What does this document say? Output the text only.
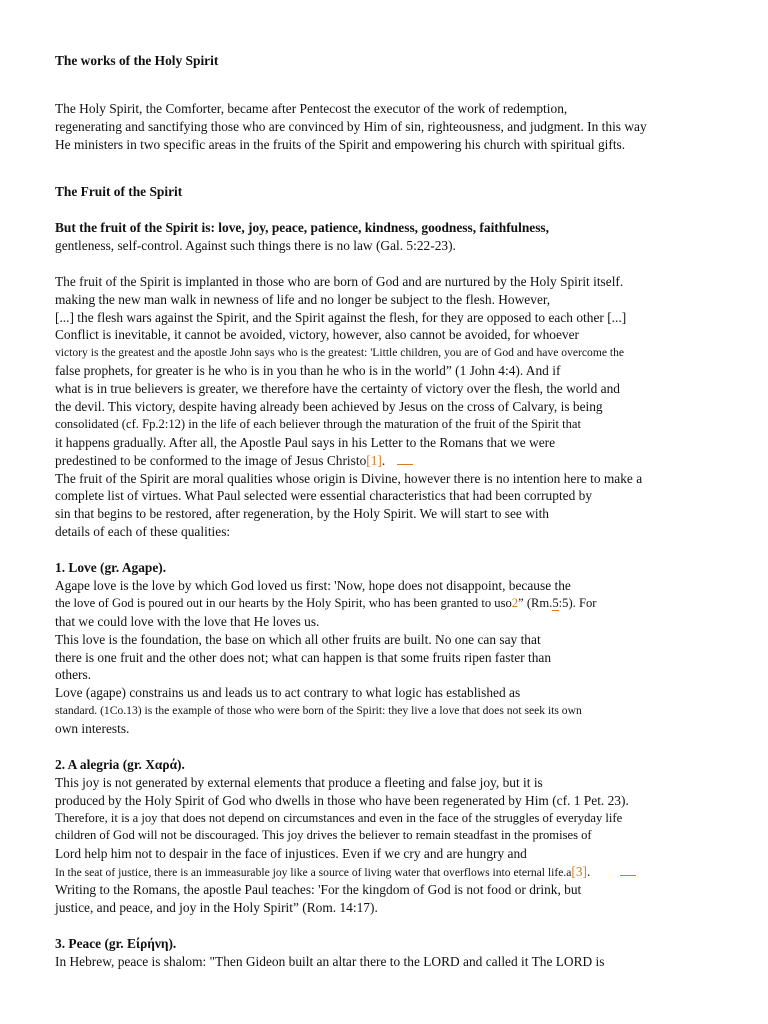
The works of the Holy Spirit
The Holy Spirit, the Comforter, became after Pentecost the executor of the work of redemption,
regenerating and sanctifying those who are convinced by Him of sin, righteousness, and judgment. In this way
He ministers in two specific areas in the fruits of the Spirit and empowering his church with spiritual gifts.
The Fruit of the Spirit
But the fruit of the Spirit is: love, joy, peace, patience, kindness, goodness, faithfulness,
gentleness, self-control. Against such things there is no law (Gal. 5:22-23).
The fruit of the Spirit is implanted in those who are born of God and are nurtured by the Holy Spirit itself.
making the new man walk in newness of life and no longer be subject to the flesh. However,
[...] the flesh wars against the Spirit, and the Spirit against the flesh, for they are opposed to each other [...]
Conflict is inevitable, it cannot be avoided, victory, however, also cannot be avoided, for whoever
victory is the greatest and the apostle John says who is the greatest: 'Little children, you are of God and have overcome the
false prophets, for greater is he who is in you than he who is in the world” (1 John 4:4). And if
what is in true believers is greater, we therefore have the certainty of victory over the flesh, the world and
the devil. This victory, despite having already been achieved by Jesus on the cross of Calvary, is being
consolidated (cf. Fp.2:12) in the life of each believer through the maturation of the fruit of the Spirit that
it happens gradually. After all, the Apostle Paul says in his Letter to the Romans that we were
predestined to be conformed to the image of Jesus Christo[1].
The fruit of the Spirit are moral qualities whose origin is Divine, however there is no intention here to make a
complete list of virtues. What Paul selected were essential characteristics that had been corrupted by
sin that begins to be restored, after regeneration, by the Holy Spirit. We will start to see with
details of each of these qualities:
1. Love (gr. Agape).
Agape love is the love by which God loved us first: 'Now, hope does not disappoint, because the
the love of God is poured out in our hearts by the Holy Spirit, who has been granted to uso2” (Rm.5:5). For
that we could love with the love that He loves us.
This love is the foundation, the base on which all other fruits are built. No one can say that
there is one fruit and the other does not; what can happen is that some fruits ripen faster than
others.
Love (agape) constrains us and leads us to act contrary to what logic has established as
standard. (1Co.13) is the example of those who were born of the Spirit: they live a love that does not seek its own
own interests.
2. A alegria (gr. Χαρά).
This joy is not generated by external elements that produce a fleeting and false joy, but it is
produced by the Holy Spirit of God who dwells in those who have been regenerated by Him (cf. 1 Pet. 23).
Therefore, it is a joy that does not depend on circumstances and even in the face of the struggles of everyday life
children of God will not be discouraged. This joy drives the believer to remain steadfast in the promises of
Lord help him not to despair in the face of injustices. Even if we cry and are hungry and
In the seat of justice, there is an immeasurable joy like a source of living water that overflows into eternal life.a[3].
Writing to the Romans, the apostle Paul teaches: 'For the kingdom of God is not food or drink, but
justice, and peace, and joy in the Holy Spirit” (Rom. 14:17).
3. Peace (gr. Είρήνη).
In Hebrew, peace is shalom: "Then Gideon built an altar there to the LORD and called it The LORD is
